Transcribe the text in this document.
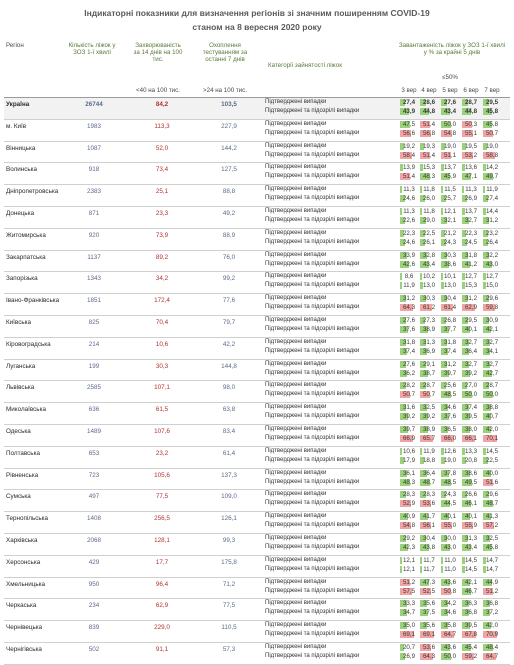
Індикаторні показники для визначення регіонів зі значним поширенням COVID-19
станом на 8 вересня 2020 року
Регіон	Кількість ліжок у ЗОЗ 1-ї хвилі
Захворюваність за 14 днів на 100 тис.
Охоплення тестуванням за останні 7 днів
Категорії зайнятості ліжок
Завантаженість ліжок у ЗОЗ 1-ї хвилі у % за крайні 5 днів
<40 на 100 тис.	>24 на 100 тис.
≤50%
3 вер 4 вер 5 вер 6 вер 7 вер
Україна	26744	84,2	103,5	Підтверджені випадки	27,4	28,6	27,6	28,7	29,5
Підтверджені та підозрілі випадки	43,9	44,8	43,4	44,8	45,8
м. Київ	1983	113,3	227,9	Підтверджені випадки	47,5	51,4	50,0	50,3	45,8
Підтверджені та підозрілі випадки	56,6	56,8	54,8	55,1	50,7
Вінницька	1087	52,0	144,2	Підтверджені випадки	19,2	19,3	19,0	19,5	19,0
Підтверджені та підозрілі випадки	58,4	51,4	51,1	53,2	58,8
Волинська	918	73,4	127,5	Підтверджені випадки	13,9	15,3	13,7	13,6	14,2
Підтверджені та підозрілі випадки	51,4	48,3	45,9	47,1	49,7
Дніпропетровська	2383	25,1	88,8	Підтверджені випадки	11,3	11,8	11,5	11,3	11,9
Підтверджені та підозрілі випадки	24,6	26,0	25,7	26,9	27,4
Донецька	871	23,3	49,2	Підтверджені випадки	11,3	11,8	12,1	13,7	14,4
Підтверджені та підозрілі випадки	22,6	29,0	32,1	32,7	31,2
Житомирська	920	73,9	88,9	Підтверджені випадки	22,3	22,5	21,2	22,3	23,2
Підтверджені та підозрілі випадки	24,6	26,1	24,3	24,5	26,4
Закарпатська	1137	89,2	76,0	Підтверджені випадки	33,9	32,8	30,3	31,8	32,2
Підтверджені та підозрілі випадки	42,6	43,4	38,6	41,2	43,0
Запорізька	1343	34,2	99,2	Підтверджені випадки	8,6	10,2	10,1	12,7	12,7
Підтверджені та підозрілі випадки	11,9	13,0	13,0	15,3	15,0
Івано-Франківська	1851	172,4	77,6	Підтверджені випадки	31,2	30,3	30,4	31,2	29,6
Підтверджені та підозрілі випадки	64,3	61,2	61,4	62,9	59,8
Київська	825	70,4	79,7	Підтверджені випадки	27,6	27,3	26,8	29,5	30,9
Підтверджені та підозрілі випадки	37,6	38,9	37,7	40,1	42,1
Кіровоградська	214	10,6	42,2	Підтверджені випадки	31,8	31,3	31,8	32,7	32,7
Підтверджені та підозрілі випадки	37,4	36,9	37,4	36,4	34,1
Луганська	199	30,3	144,8	Підтверджені випадки	27,6	29,1	31,2	32,7	32,7
Підтверджені та підозрілі випадки	36,2	38,7	39,7	39,2	42,7
Львівська	2585	107,1	98,0	Підтверджені випадки	28,2	28,7	25,6	27,0	28,7
Підтверджені та підозрілі випадки	50,7	50,7	48,5	50,0	50,0
Миколаївська	636	61,5	63,8	Підтверджені випадки	31,6	32,5	34,6	37,4	38,8
Підтверджені та підозрілі випадки	39,2	39,2	37,6	39,5	40,7
Одеська	1489	107,6	83,4	Підтверджені випадки	39,7	38,9	36,5	38,0	42,0
Підтверджені та підозрілі випадки	66,9	65,7	66,0	66,1	70,1
Полтавська	653	23,2	61,4	Підтверджені випадки	10,6	11,9	12,6	13,3	14,5
Підтверджені та підозрілі випадки	17,9	18,8	19,0	20,8	22,5
Рівненська	723	105,6	137,3	Підтверджені випадки	36,1	36,4	37,8	38,6	40,0
Підтверджені та підозрілі випадки	48,3	48,7	48,5	49,5	51,6
Сумська	497	77,5	109,0	Підтверджені випадки	28,3	28,3	24,3	26,6	29,6
Підтверджені та підозрілі випадки	52,9	53,6	44,5	46,1	48,7
Тернопільська	1408	256,5	126,1	Підтверджені випадки	40,9	41,7	40,1	40,1	41,3
Підтверджені та підозрілі випадки	54,8	56,1	55,0	55,9	57,2
Харківська	2068	128,1	99,3	Підтверджені випадки	29,2	30,4	30,0	31,3	32,5
Підтверджені та підозрілі випадки	42,3	43,8	43,0	43,4	45,8
Херсонська	429	17,7	175,8	Підтверджені випадки	12,1	11,7	11,0	14,5	14,7
Підтверджені та підозрілі випадки	12,1	11,7	11,0	14,5	14,7
Хмельницька	950	96,4	71,2	Підтверджені випадки	51,2	47,3	43,6	42,1	44,9
Підтверджені та підозрілі випадки	57,5	52,5	50,8	46,7	51,2
Черкаська	234	62,9	77,5	Підтверджені випадки	33,3	35,6	34,2	36,3	36,8
Підтверджені та підозрілі випадки	34,7	37,5	34,6	36,8	37,2
Чернівецька	839	229,0	110,5	Підтверджені випадки	35,0	35,6	35,8	39,5	42,0
Підтверджені та підозрілі випадки	69,1	69,1	64,7	67,8	70,9
Чернігівська	502	91,1	57,3	Підтверджені випадки	20,7	53,6	43,6	45,4	48,4
Підтверджені та підозрілі випадки	26,9	64,3	50,0	59,2	64,7
